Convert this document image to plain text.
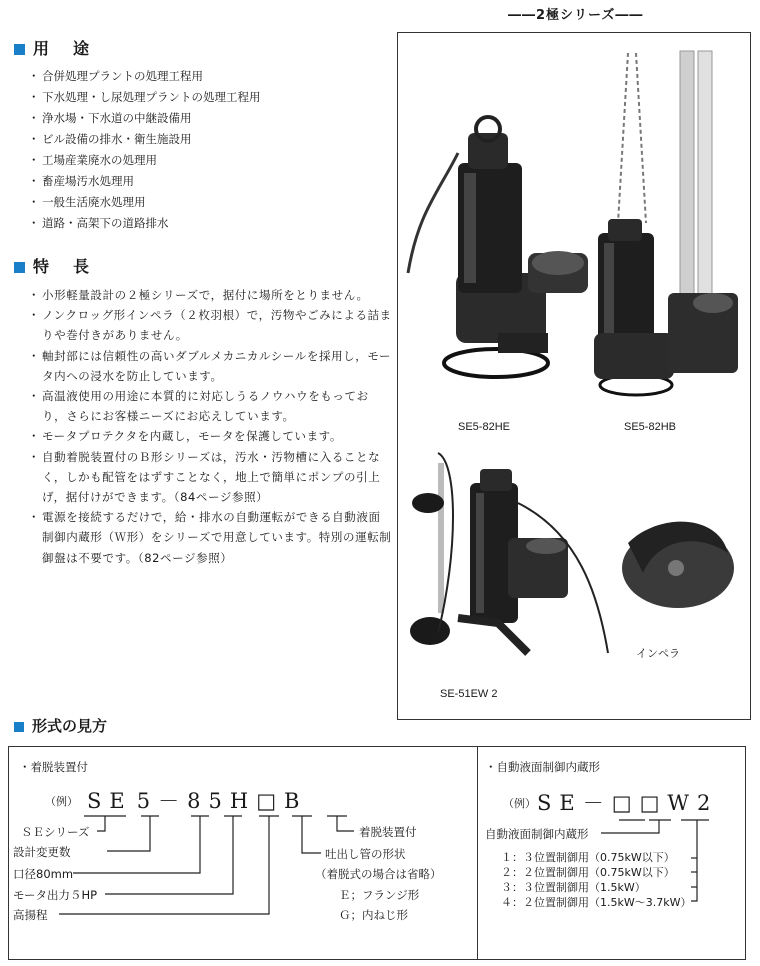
――2極シリーズ――
用　途
・ 合併処理プラントの処理工程用
・ 下水処理・し尿処理プラントの処理工程用
・ 浄水場・下水道の中継設備用
・ ビル設備の排水・衛生施設用
・ 工場産業廃水の処理用
・ 畜産場汚水処理用
・ 一般生活廃水処理用
・ 道路・高架下の道路排水
特　長
・ 小形軽量設計の２極シリーズで，据付に場所をとりません。
・ ノンクロッグ形インペラ（２枚羽根）で，汚物やごみによる詰まりや巻付きがありません。
・ 軸封部には信頼性の高いダブルメカニカルシールを採用し，モータ内への浸水を防止しています。
・ 高温液使用の用途に本質的に対応しうるノウハウをもっており，さらにお客様ニーズにお応えしています。
・ モータプロテクタを内蔵し，モータを保護しています。
・ 自動着脱装置付のＢ形シリーズは，汚水・汚物槽に入ることなく，しかも配管をはずすことなく，地上で簡単にポンプの引上げ，据付けができます。（84ページ参照）
・ 電源を接続するだけで，給・排水の自動運転ができる自動液面制御内蔵形（Ｗ形）をシリーズで用意しています。特別の運転制御盤は不要です。（82ページ参照）
SE5-82HE	SE5-82HB
SE-51EW 2
インペラ
形式の見方
・着脱装置付
（例） SE 5－85H□B
ＳＥシリーズ
設計変更数
口径80mm
モータ出力５HP
高揚程
着脱装置付
吐出し管の形状
（着脱式の場合は省略）
Ｅ；フランジ形
Ｇ；内ねじ形
・自動液面制御内蔵形
（例） SE－□□W2
自動液面制御内蔵形
１：３位置制御用（0.75kW以下）
２：２位置制御用（0.75kW以下）
３：３位置制御用（1.5kW）
４：２位置制御用（1.5kW～3.7kW）
